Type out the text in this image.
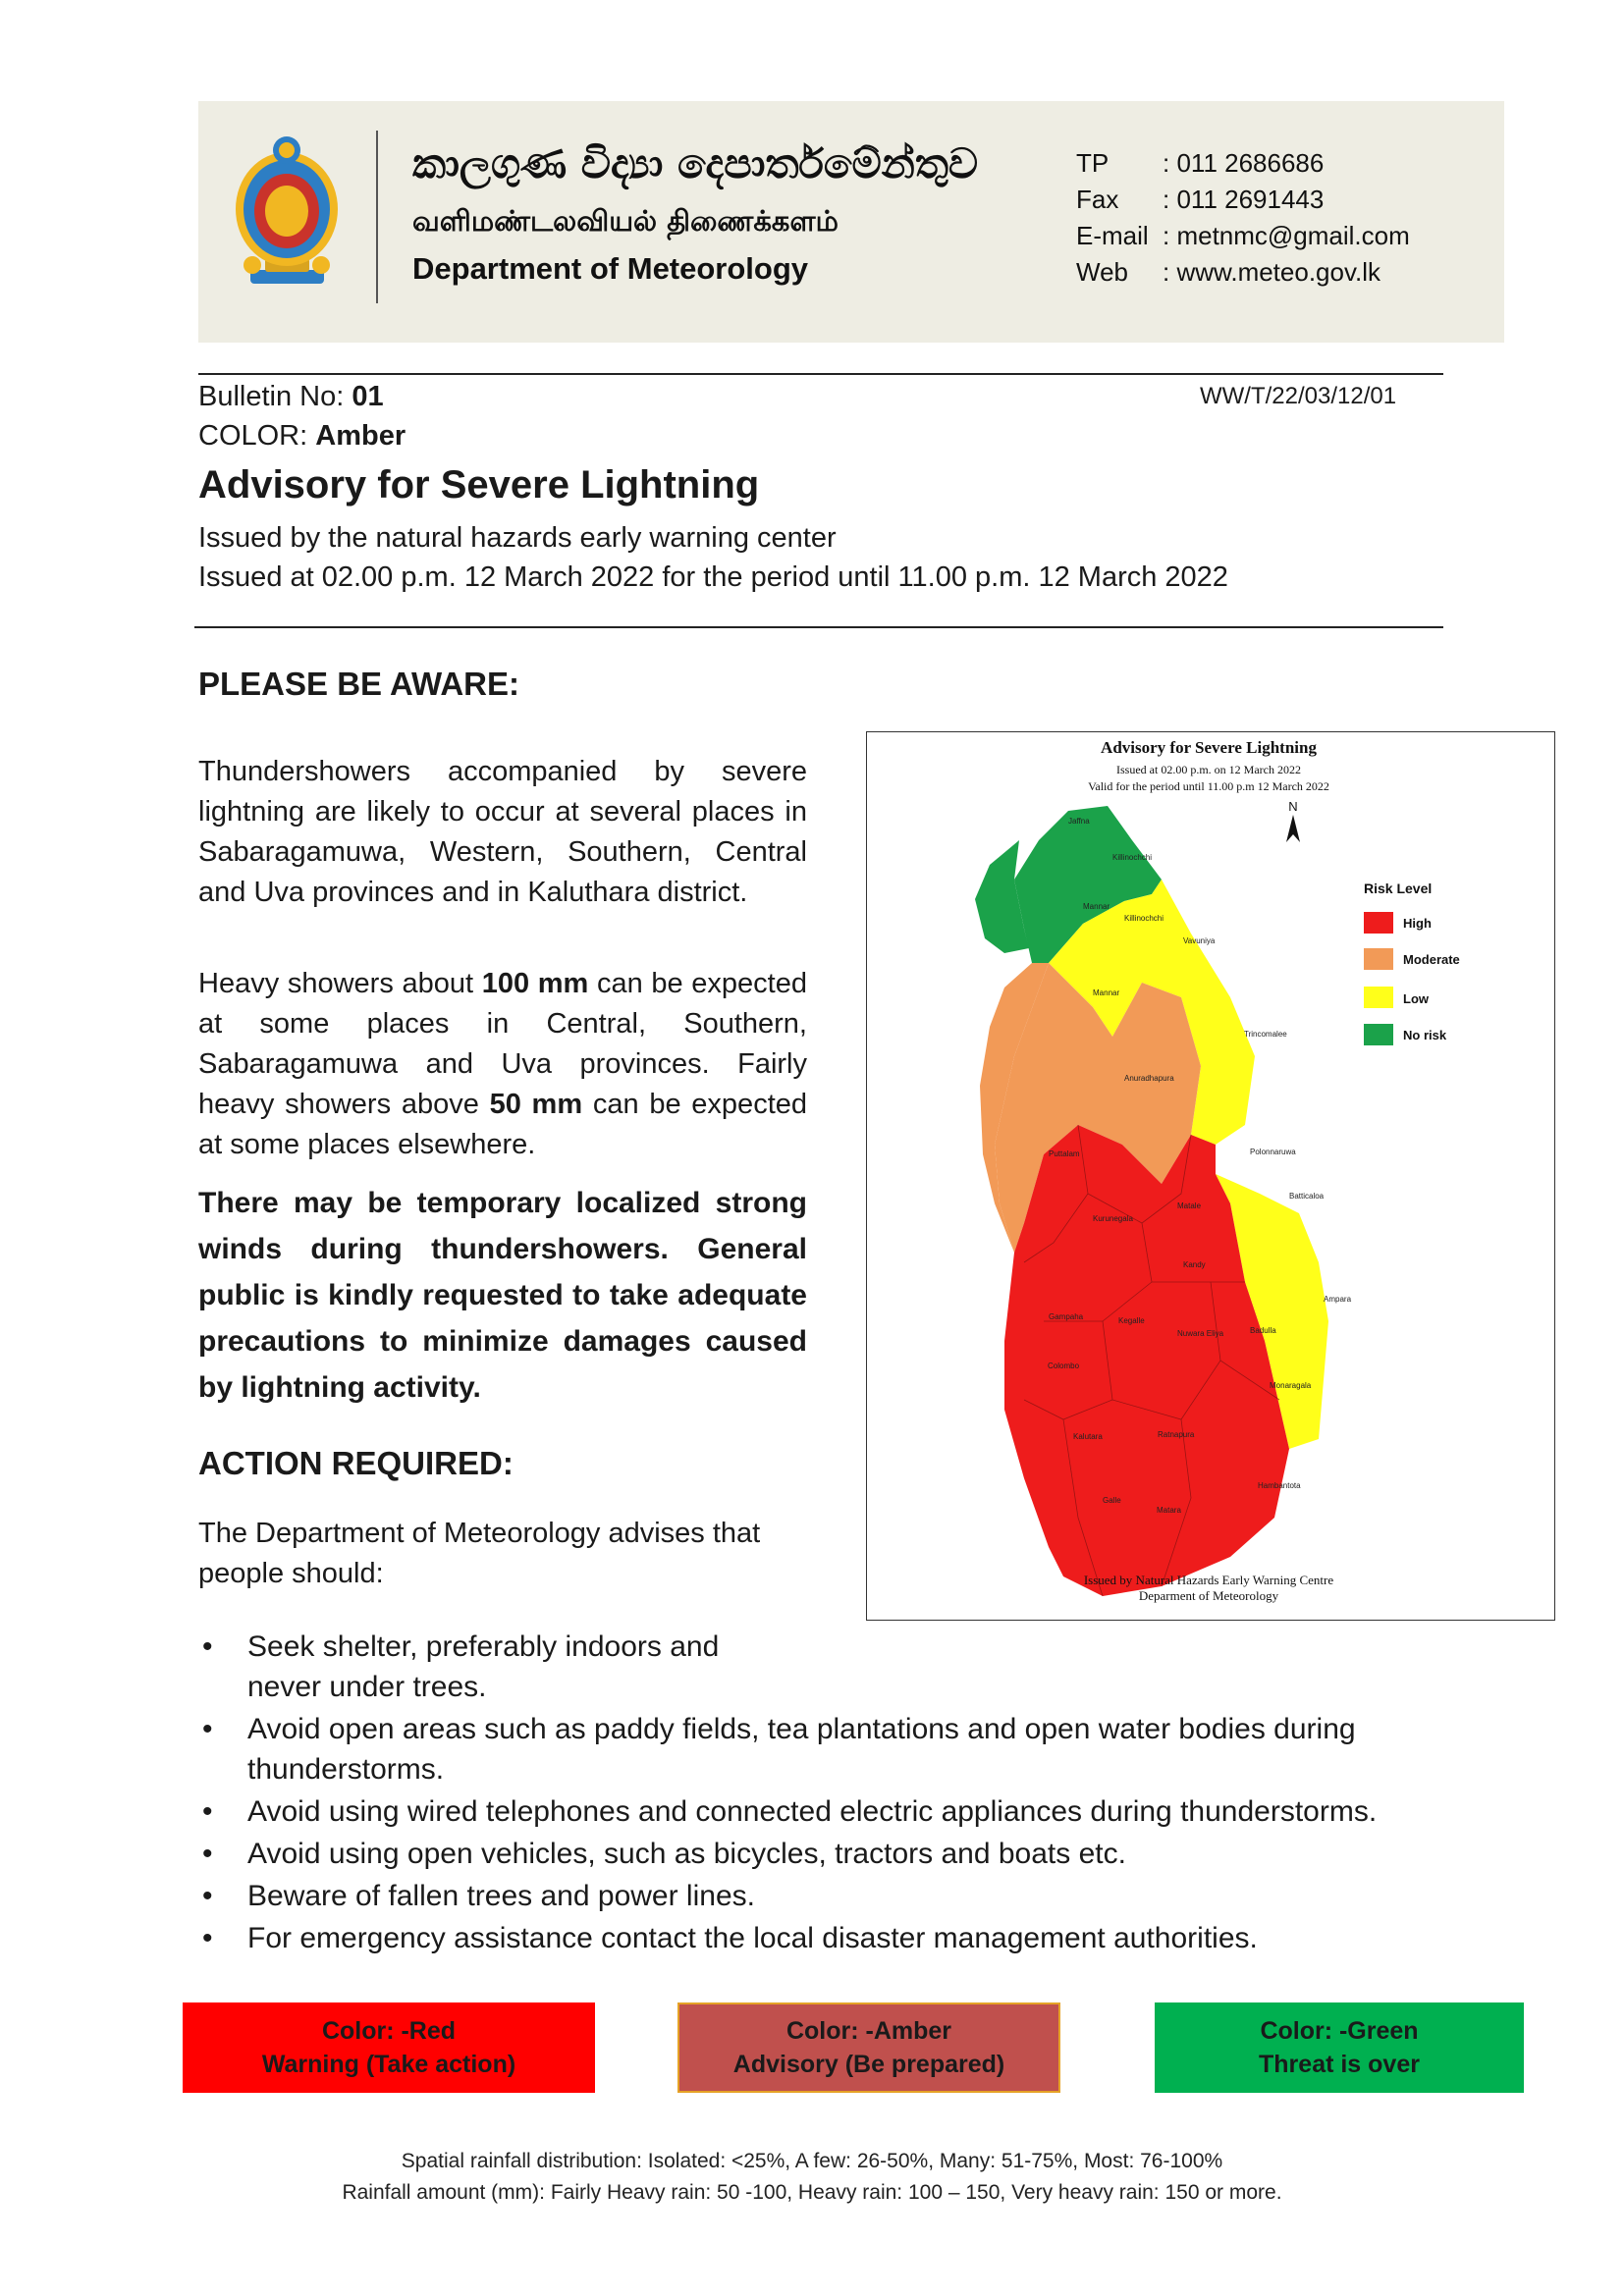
කාලගුණ විද්‍යා දෙපාර්තමේන්තුව
வளிமண்டலவியல் திணைக்களம்
Department of Meteorology
TP	: 011 2686686
Fax	: 011 2691443
E-mail : metnmc@gmail.com
Web	: www.meteo.gov.lk
Bulletin No: 01	WW/T/22/03/12/01
COLOR: Amber
Advisory for Severe Lightning
Issued by the natural hazards early warning center
Issued at 02.00 p.m. 12 March 2022 for the period until 11.00 p.m. 12 March 2022
PLEASE BE AWARE:
Thundershowers accompanied by severe lightning are likely to occur at several places in Sabaragamuwa, Western, Southern, Central and Uva provinces and in Kaluthara district.
Heavy showers about 100 mm can be expected at some places in Central, Southern, Sabaragamuwa and Uva provinces. Fairly heavy showers above 50 mm can be expected at some places elsewhere.
There may be temporary localized strong winds during thundershowers. General public is kindly requested to take adequate precautions to minimize damages caused by lightning activity.
ACTION REQUIRED:
The Department of Meteorology advises that people should:
Advisory for Severe Lightning
Issued at 02.00 p.m. on 12 March 2022
Valid for the period until 11.00 p.m 12 March 2022
N
Jaffna
Killinochchi
Mannar
Mannar
Killinochchi
Vavuniya
Trincomalee
Anuradhapura
Puttalam	Polonnaruwa
Batticaloa
Kurunegala
Matale
Kandy
Ampara
Gampaha	Kegalle
Nuwara Eliya	Badulla
Colombo
Monaragala
Kalutara	Ratnapura
Hambantota
Galle
Matara
Risk Level
High
Moderate
Low
No risk
Issued by Natural Hazards Early Warning Centre
Deparment of Meteorology
• Seek shelter, preferably indoors and never under trees.
• Avoid open areas such as paddy fields, tea plantations and open water bodies during thunderstorms.
• Avoid using wired telephones and connected electric appliances during thunderstorms.
• Avoid using open vehicles, such as bicycles, tractors and boats etc.
• Beware of fallen trees and power lines.
• For emergency assistance contact the local disaster management authorities.
Color: -Red
Warning (Take action)
Color: -Amber
Advisory (Be prepared)
Color: -Green
Threat is over
Spatial rainfall distribution: Isolated: <25%, A few: 26-50%, Many: 51-75%, Most: 76-100%
Rainfall amount (mm): Fairly Heavy rain: 50 -100, Heavy rain: 100 – 150, Very heavy rain: 150 or more.
